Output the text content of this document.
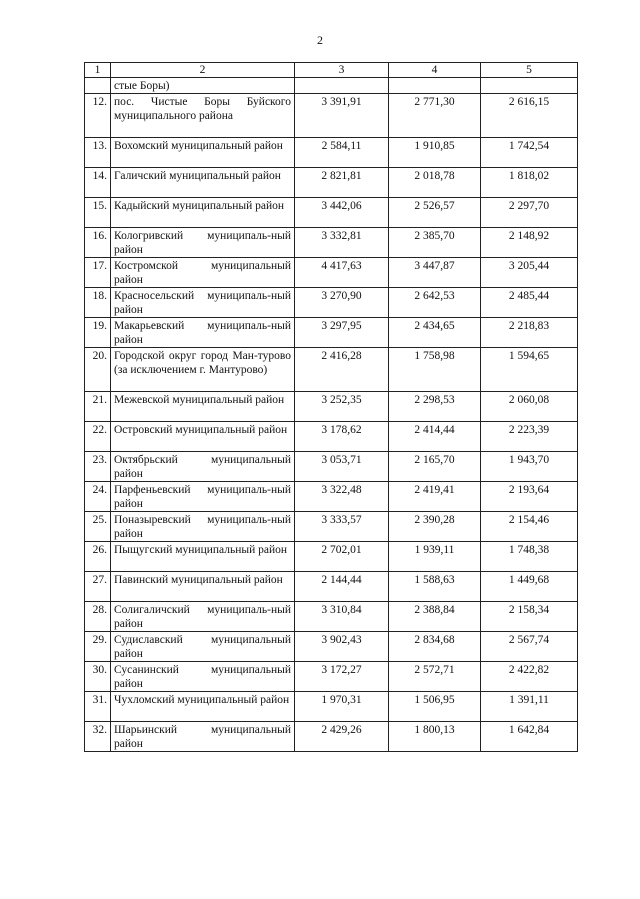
2
1	2	3	4	5
	стые Боры)			
12.	пос. Чистые Боры Буйского муниципального района	3 391,91	2 771,30	2 616,15
13.	Вохомский муниципальный район	2 584,11	1 910,85	1 742,54
14.	Галичский муниципальный район	2 821,81	2 018,78	1 818,02
15.	Кадыйский муниципальный район	3 442,06	2 526,57	2 297,70
16.	Кологривский муниципаль-ный район	3 332,81	2 385,70	2 148,92
17.	Костромской муниципальный район	4 417,63	3 447,87	3 205,44
18.	Красносельский муниципаль-ный район	3 270,90	2 642,53	2 485,44
19.	Макарьевский муниципаль-ный район	3 297,95	2 434,65	2 218,83
20.	Городской округ город Ман-турово (за исключением г. Мантурово)	2 416,28	1 758,98	1 594,65
21.	Межевской муниципальный район	3 252,35	2 298,53	2 060,08
22.	Островский муниципальный район	3 178,62	2 414,44	2 223,39
23.	Октябрьский муниципальный район	3 053,71	2 165,70	1 943,70
24.	Парфеньевский муниципаль-ный район	3 322,48	2 419,41	2 193,64
25.	Поназыревский муниципаль-ный район	3 333,57	2 390,28	2 154,46
26.	Пыщугский муниципальный район	2 702,01	1 939,11	1 748,38
27.	Павинский муниципальный район	2 144,44	1 588,63	1 449,68
28.	Солигаличский муниципаль-ный район	3 310,84	2 388,84	2 158,34
29.	Судиславский муниципальный район	3 902,43	2 834,68	2 567,74
30.	Сусанинский муниципальный район	3 172,27	2 572,71	2 422,82
31.	Чухломский муниципальный район	1 970,31	1 506,95	1 391,11
32.	Шарьинский муниципальный район	2 429,26	1 800,13	1 642,84
